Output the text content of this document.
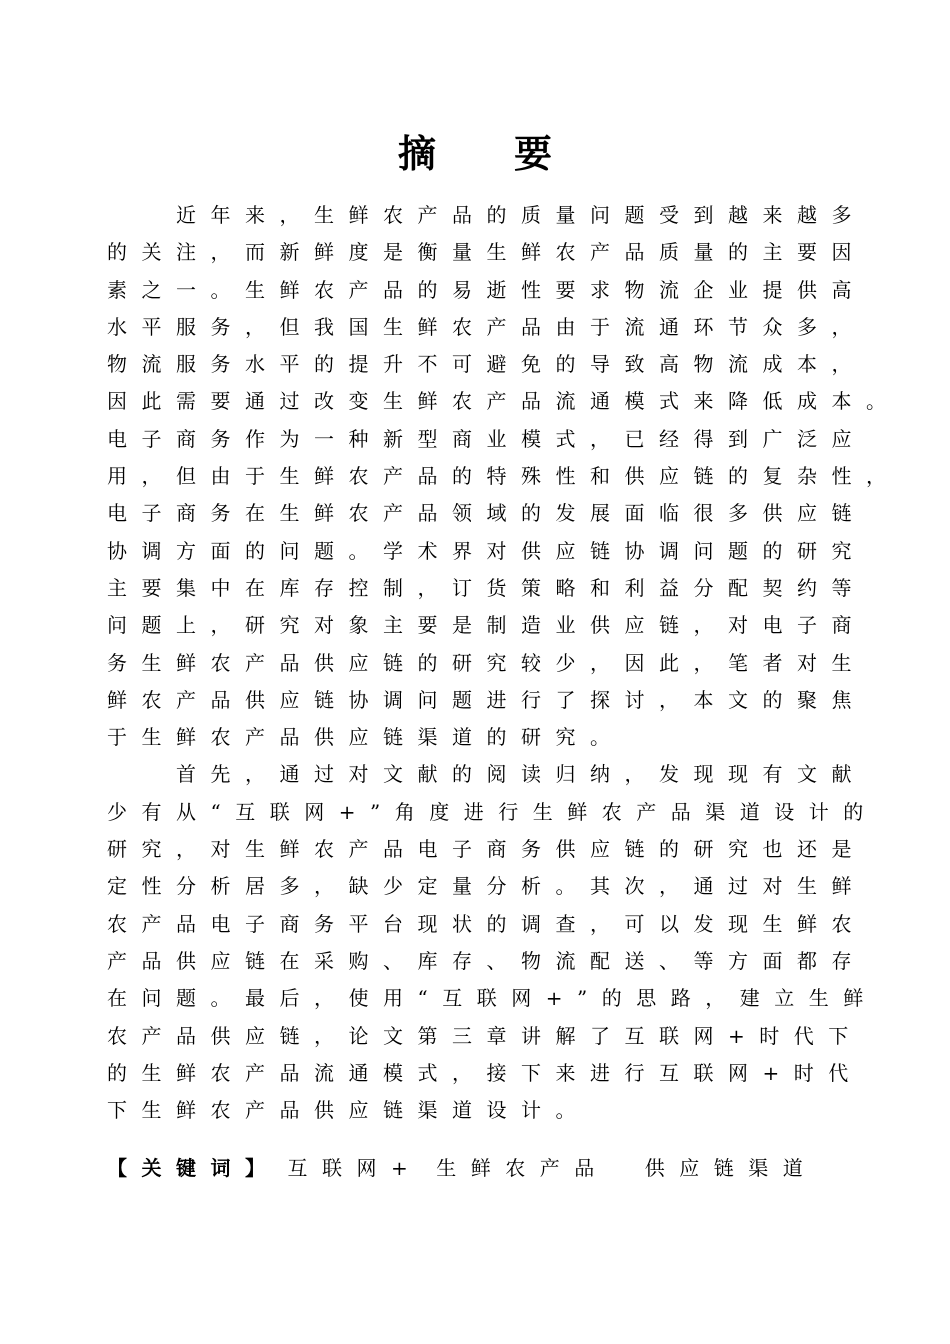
摘 要
　　近年来，生鲜农产品的质量问题受到越来越多
的关注，而新鲜度是衡量生鲜农产品质量的主要因
素之一。生鲜农产品的易逝性要求物流企业提供高
水平服务，但我国生鲜农产品由于流通环节众多，
物流服务水平的提升不可避免的导致高物流成本，
因此需要通过改变生鲜农产品流通模式来降低成本。
电子商务作为一种新型商业模式，已经得到广泛应
用，但由于生鲜农产品的特殊性和供应链的复杂性，
电子商务在生鲜农产品领域的发展面临很多供应链
协调方面的问题。学术界对供应链协调问题的研究
主要集中在库存控制，订货策略和利益分配契约等
问题上，研究对象主要是制造业供应链，对电子商
务生鲜农产品供应链的研究较少，因此，笔者对生
鲜农产品供应链协调问题进行了探讨，本文的聚焦
于生鲜农产品供应链渠道的研究。
　　首先，通过对文献的阅读归纳，发现现有文献
少有从“互联网+”角度进行生鲜农产品渠道设计的
研究，对生鲜农产品电子商务供应链的研究也还是
定性分析居多，缺少定量分析。其次，通过对生鲜
农产品电子商务平台现状的调查，可以发现生鲜农
产品供应链在采购、库存、物流配送、等方面都存
在问题。最后，使用“互联网+”的思路，建立生鲜
农产品供应链，论文第三章讲解了互联网+时代下
的生鲜农产品流通模式，接下来进行互联网+时代
下生鲜农产品供应链渠道设计。
【关键词】 互联网+ 生鲜农产品 供应链渠道
